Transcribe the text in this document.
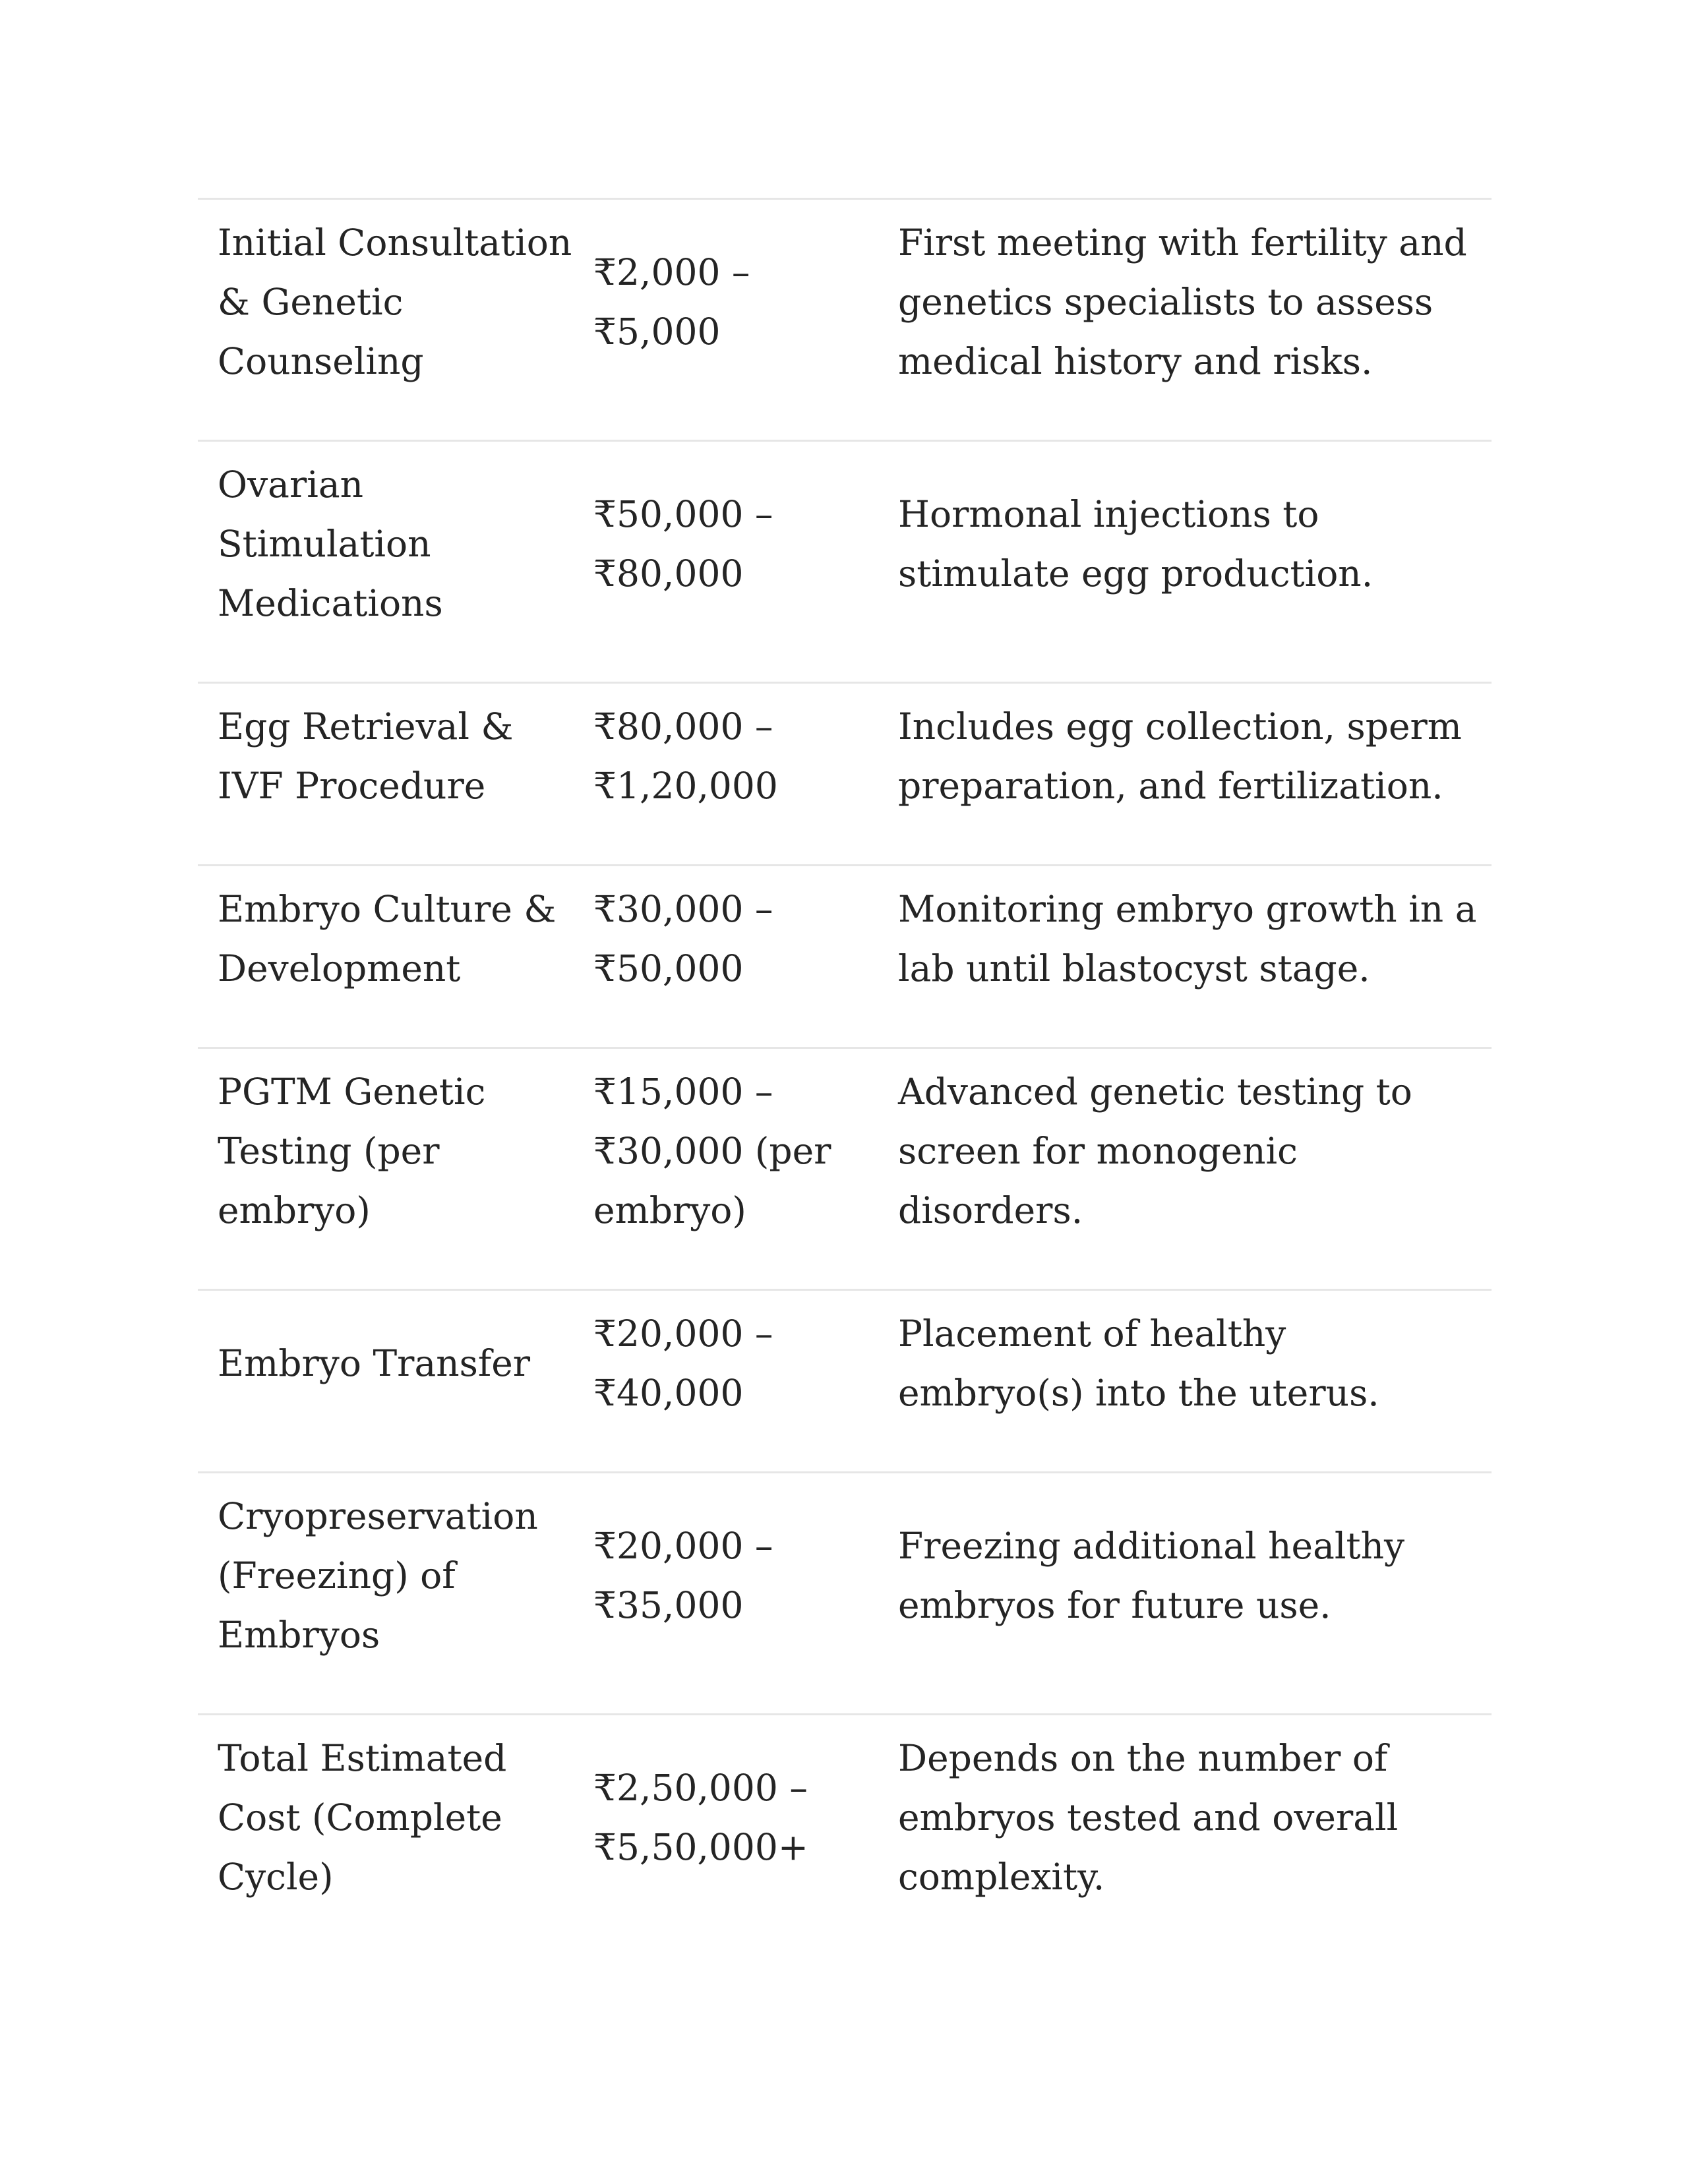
Initial Consultation & Genetic Counseling	₹2,000 – ₹5,000	First meeting with fertility and genetics specialists to assess medical history and risks.

Ovarian Stimulation Medications	₹50,000 – ₹80,000	Hormonal injections to stimulate egg production.

Egg Retrieval & IVF Procedure	₹80,000 – ₹1,20,000	Includes egg collection, sperm preparation, and fertilization.

Embryo Culture & Development	₹30,000 – ₹50,000	Monitoring embryo growth in a lab until blastocyst stage.

PGTM Genetic Testing (per embryo)	₹15,000 – ₹30,000 (per embryo)	Advanced genetic testing to screen for monogenic disorders.

Embryo Transfer	₹20,000 – ₹40,000	Placement of healthy embryo(s) into the uterus.

Cryopreservation (Freezing) of Embryos	₹20,000 – ₹35,000	Freezing additional healthy embryos for future use.

Total Estimated Cost (Complete Cycle)	₹2,50,000 – ₹5,50,000+	Depends on the number of embryos tested and overall complexity.
